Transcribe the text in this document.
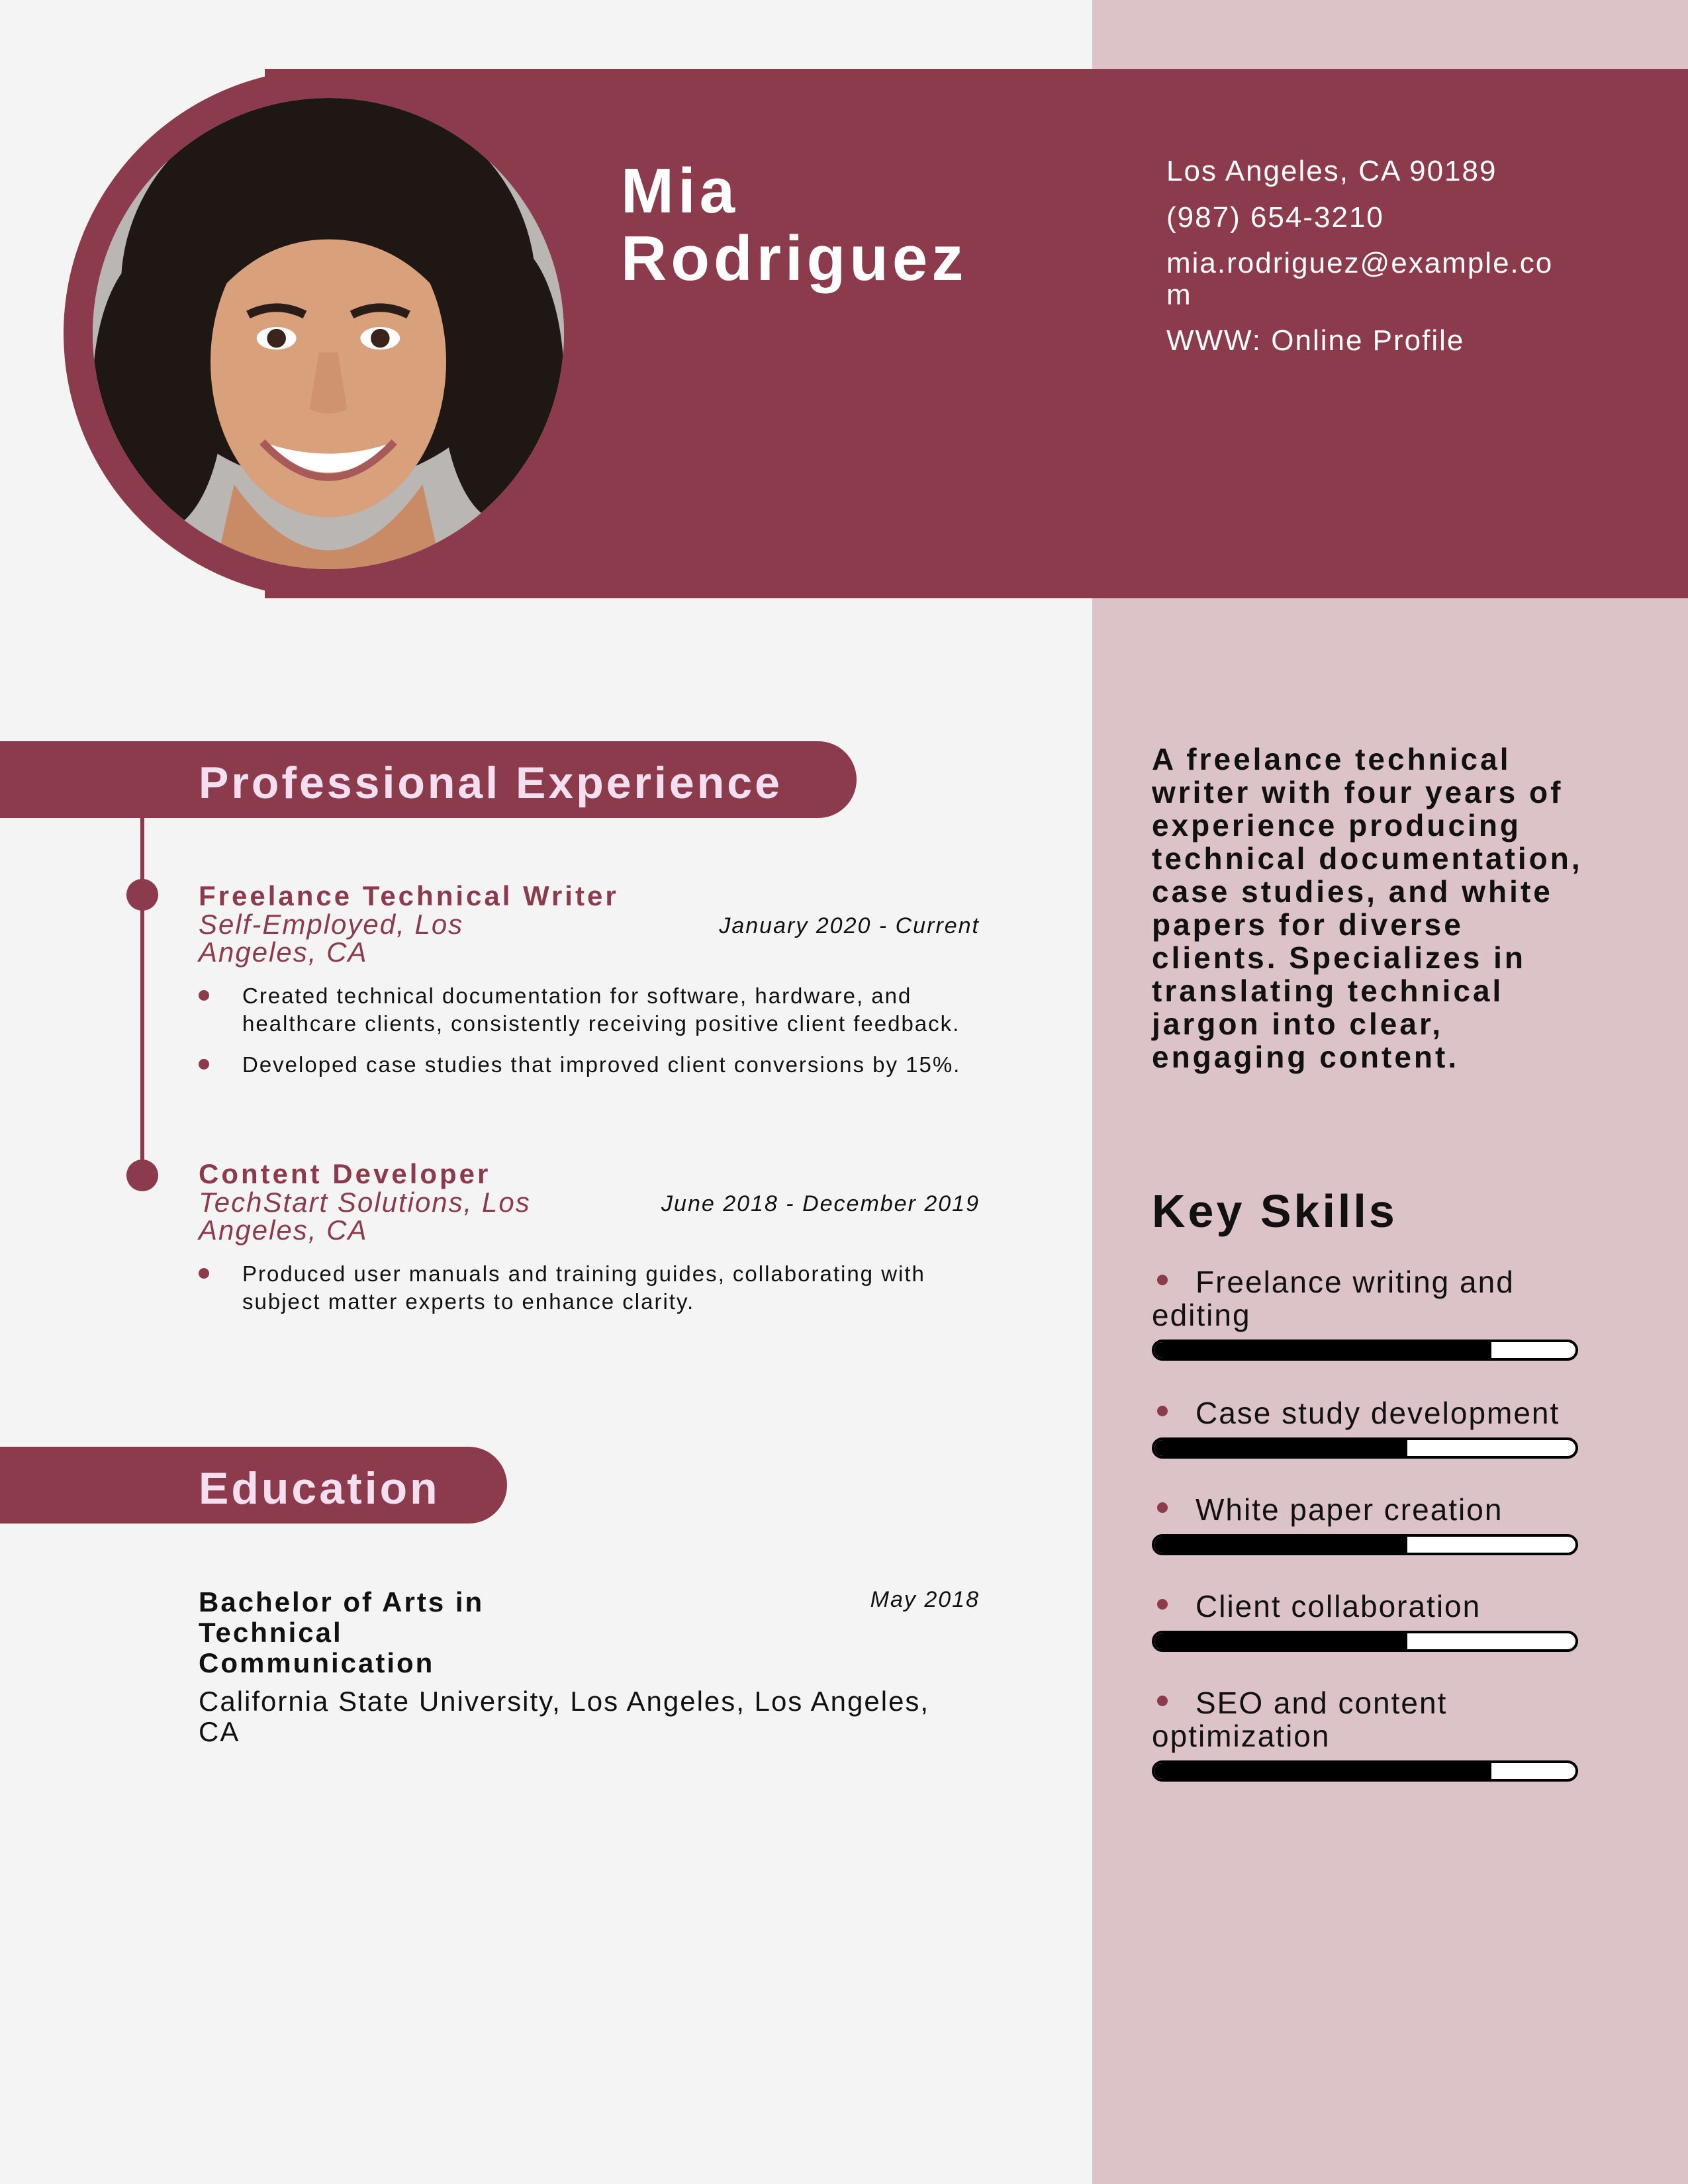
Mia
Rodriguez
Los Angeles, CA 90189
(987) 654-3210
mia.rodriguez@example.com
WWW: Online Profile
Professional Experience
Freelance Technical Writer
Self-Employed, Los Angeles, CA
January 2020 - Current
Created technical documentation for software, hardware, and healthcare clients, consistently receiving positive client feedback.
Developed case studies that improved client conversions by 15%.
Content Developer
TechStart Solutions, Los Angeles, CA
June 2018 - December 2019
Produced user manuals and training guides, collaborating with subject matter experts to enhance clarity.
Education
Bachelor of Arts in Technical Communication
May 2018
California State University, Los Angeles, Los Angeles, CA
A freelance technical writer with four years of experience producing technical documentation, case studies, and white papers for diverse clients. Specializes in translating technical jargon into clear, engaging content.
Key Skills
Freelance writing and editing
Case study development
White paper creation
Client collaboration
SEO and content optimization
